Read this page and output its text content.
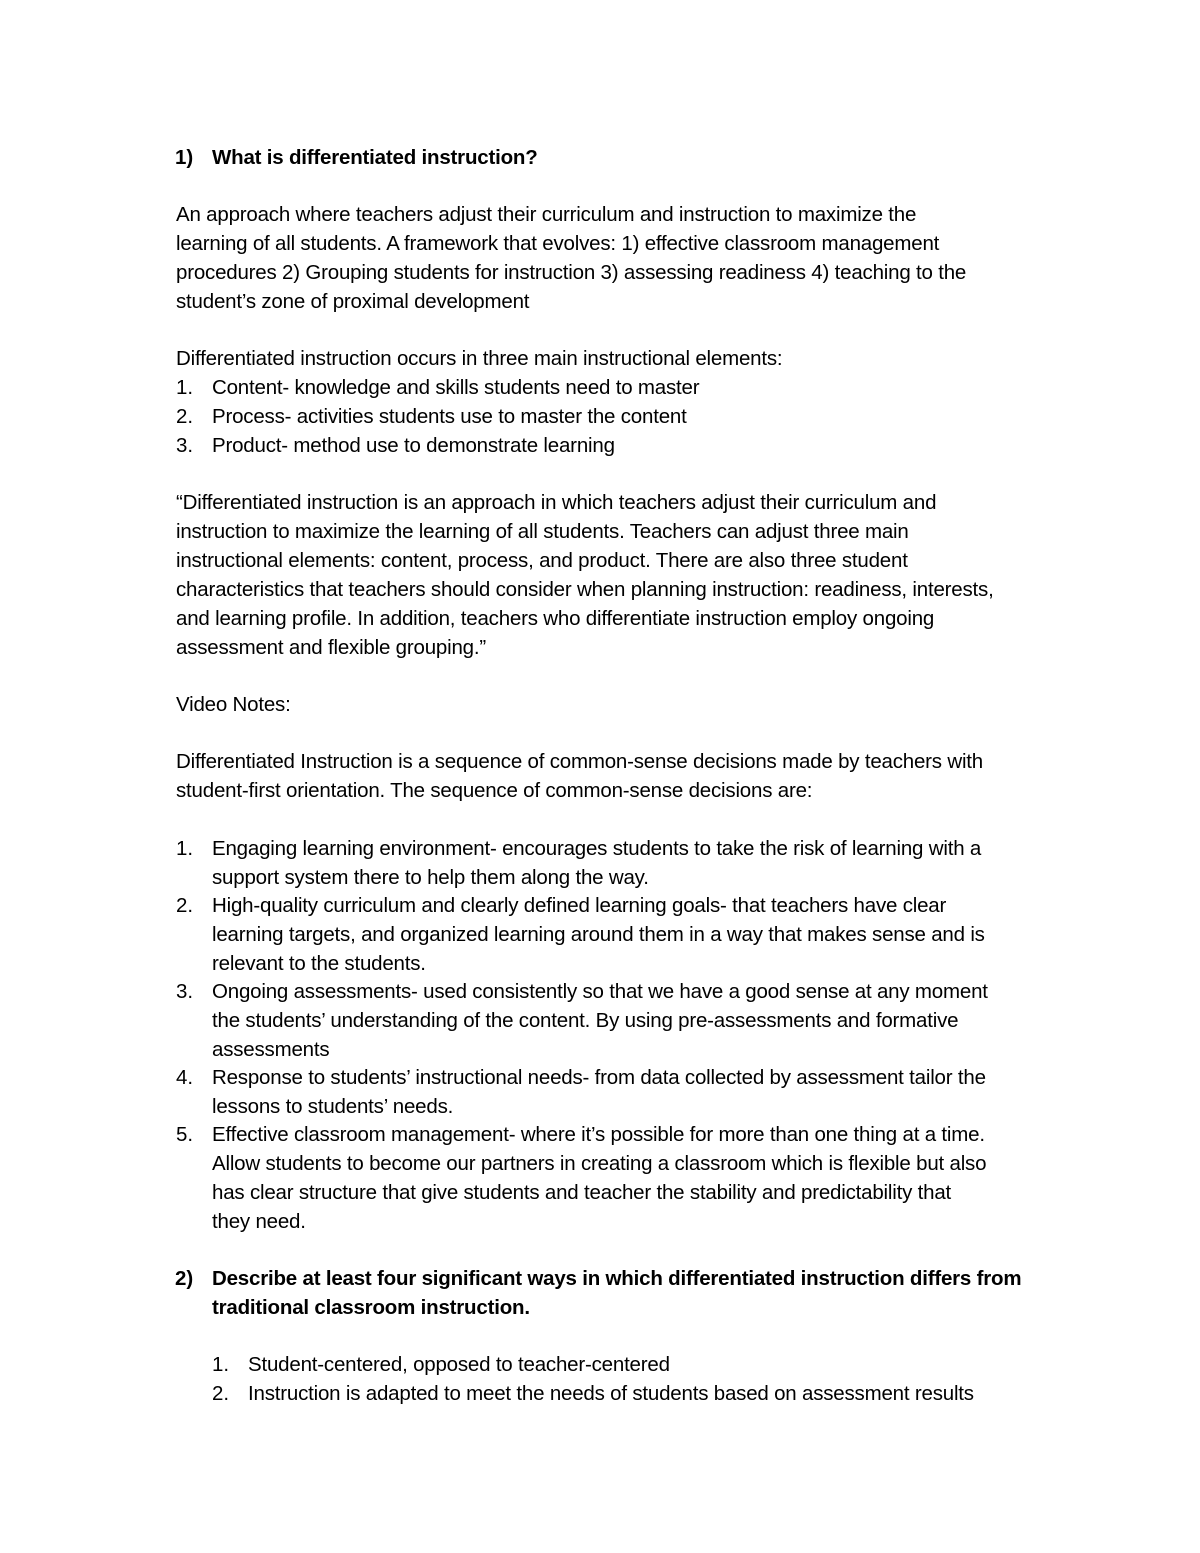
1) What is differentiated instruction?
An approach where teachers adjust their curriculum and instruction to maximize the
learning of all students. A framework that evolves: 1) effective classroom management
procedures 2) Grouping students for instruction 3) assessing readiness 4) teaching to the
student’s zone of proximal development
Differentiated instruction occurs in three main instructional elements:
1. Content- knowledge and skills students need to master
2. Process- activities students use to master the content
3. Product- method use to demonstrate learning
“Differentiated instruction is an approach in which teachers adjust their curriculum and
instruction to maximize the learning of all students. Teachers can adjust three main
instructional elements: content, process, and product. There are also three student
characteristics that teachers should consider when planning instruction: readiness, interests,
and learning profile. In addition, teachers who differentiate instruction employ ongoing
assessment and flexible grouping.”
Video Notes:
Differentiated Instruction is a sequence of common-sense decisions made by teachers with
student-first orientation. The sequence of common-sense decisions are:
1. Engaging learning environment- encourages students to take the risk of learning with a
support system there to help them along the way.
2. High-quality curriculum and clearly defined learning goals- that teachers have clear
learning targets, and organized learning around them in a way that makes sense and is
relevant to the students.
3. Ongoing assessments- used consistently so that we have a good sense at any moment
the students’ understanding of the content. By using pre-assessments and formative
assessments
4. Response to students’ instructional needs- from data collected by assessment tailor the
lessons to students’ needs.
5. Effective classroom management- where it’s possible for more than one thing at a time.
Allow students to become our partners in creating a classroom which is flexible but also
has clear structure that give students and teacher the stability and predictability that
they need.
2) Describe at least four significant ways in which differentiated instruction differs from
traditional classroom instruction.
1. Student-centered, opposed to teacher-centered
2. Instruction is adapted to meet the needs of students based on assessment results
